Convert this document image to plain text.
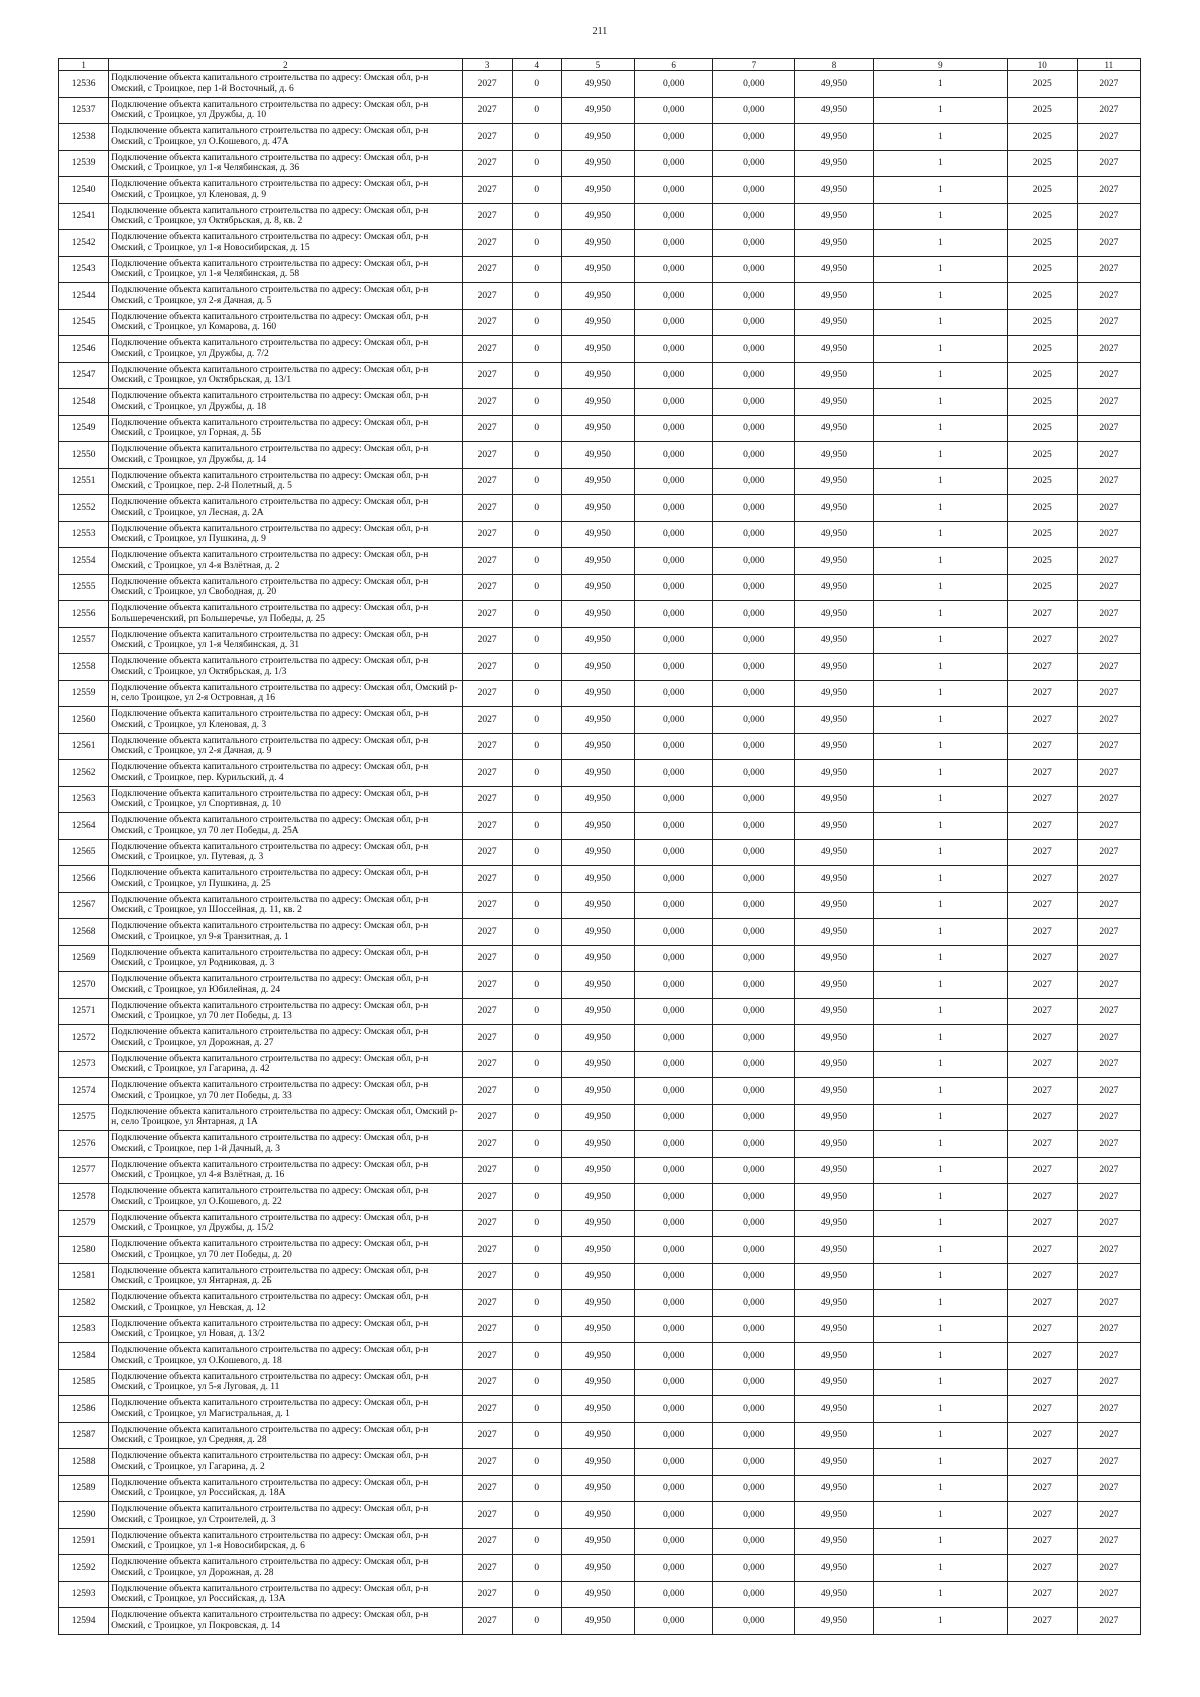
211
1	2	3	4	5	6	7	8	9	10	11
12536	Подключение объекта капитального строительства по адресу: Омская обл, р-н Омский, с Троицкое, пер 1-й Восточный, д. 6	2027	0	49,950	0,000	0,000	49,950	1	2025	2027
12537	Подключение объекта капитального строительства по адресу: Омская обл, р-н Омский, с Троицкое, ул Дружбы, д. 10	2027	0	49,950	0,000	0,000	49,950	1	2025	2027
12538	Подключение объекта капитального строительства по адресу: Омская обл, р-н Омский, с Троицкое, ул О.Кошевого, д. 47А	2027	0	49,950	0,000	0,000	49,950	1	2025	2027
12539	Подключение объекта капитального строительства по адресу: Омская обл, р-н Омский, с Троицкое, ул 1-я Челябинская, д. 36	2027	0	49,950	0,000	0,000	49,950	1	2025	2027
12540	Подключение объекта капитального строительства по адресу: Омская обл, р-н Омский, с Троицкое, ул Кленовая, д. 9	2027	0	49,950	0,000	0,000	49,950	1	2025	2027
12541	Подключение объекта капитального строительства по адресу: Омская обл, р-н Омский, с Троицкое, ул Октябрьская, д. 8, кв. 2	2027	0	49,950	0,000	0,000	49,950	1	2025	2027
12542	Подключение объекта капитального строительства по адресу: Омская обл, р-н Омский, с Троицкое, ул 1-я Новосибирская, д. 15	2027	0	49,950	0,000	0,000	49,950	1	2025	2027
12543	Подключение объекта капитального строительства по адресу: Омская обл, р-н Омский, с Троицкое, ул 1-я Челябинская, д. 58	2027	0	49,950	0,000	0,000	49,950	1	2025	2027
12544	Подключение объекта капитального строительства по адресу: Омская обл, р-н Омский, с Троицкое, ул 2-я Дачная, д. 5	2027	0	49,950	0,000	0,000	49,950	1	2025	2027
12545	Подключение объекта капитального строительства по адресу: Омская обл, р-н Омский, с Троицкое, ул Комарова, д. 160	2027	0	49,950	0,000	0,000	49,950	1	2025	2027
12546	Подключение объекта капитального строительства по адресу: Омская обл, р-н Омский, с Троицкое, ул Дружбы, д. 7/2	2027	0	49,950	0,000	0,000	49,950	1	2025	2027
12547	Подключение объекта капитального строительства по адресу: Омская обл, р-н Омский, с Троицкое, ул Октябрьская, д. 13/1	2027	0	49,950	0,000	0,000	49,950	1	2025	2027
12548	Подключение объекта капитального строительства по адресу: Омская обл, р-н Омский, с Троицкое, ул Дружбы, д. 18	2027	0	49,950	0,000	0,000	49,950	1	2025	2027
12549	Подключение объекта капитального строительства по адресу: Омская обл, р-н Омский, с Троицкое, ул Горная, д. 5Б	2027	0	49,950	0,000	0,000	49,950	1	2025	2027
12550	Подключение объекта капитального строительства по адресу: Омская обл, р-н Омский, с Троицкое, ул Дружбы, д. 14	2027	0	49,950	0,000	0,000	49,950	1	2025	2027
12551	Подключение объекта капитального строительства по адресу: Омская обл, р-н Омский, с Троицкое, пер. 2-й Полетный, д. 5	2027	0	49,950	0,000	0,000	49,950	1	2025	2027
12552	Подключение объекта капитального строительства по адресу: Омская обл, р-н Омский, с Троицкое, ул Лесная, д. 2А	2027	0	49,950	0,000	0,000	49,950	1	2025	2027
12553	Подключение объекта капитального строительства по адресу: Омская обл, р-н Омский, с Троицкое, ул Пушкина, д. 9	2027	0	49,950	0,000	0,000	49,950	1	2025	2027
12554	Подключение объекта капитального строительства по адресу: Омская обл, р-н Омский, с Троицкое, ул 4-я Взлётная, д. 2	2027	0	49,950	0,000	0,000	49,950	1	2025	2027
12555	Подключение объекта капитального строительства по адресу: Омская обл, р-н Омский, с Троицкое, ул Свободная, д. 20	2027	0	49,950	0,000	0,000	49,950	1	2025	2027
12556	Подключение объекта капитального строительства по адресу: Омская обл, р-н Большереченский, рп Большеречье, ул Победы, д. 25	2027	0	49,950	0,000	0,000	49,950	1	2027	2027
12557	Подключение объекта капитального строительства по адресу: Омская обл, р-н Омский, с Троицкое, ул 1-я Челябинская, д. 31	2027	0	49,950	0,000	0,000	49,950	1	2027	2027
12558	Подключение объекта капитального строительства по адресу: Омская обл, р-н Омский, с Троицкое, ул Октябрьская, д. 1/3	2027	0	49,950	0,000	0,000	49,950	1	2027	2027
12559	Подключение объекта капитального строительства по адресу: Омская обл, Омский р-н, село Троицкое, ул 2-я Островная, д 16	2027	0	49,950	0,000	0,000	49,950	1	2027	2027
12560	Подключение объекта капитального строительства по адресу: Омская обл, р-н Омский, с Троицкое, ул Кленовая, д. 3	2027	0	49,950	0,000	0,000	49,950	1	2027	2027
12561	Подключение объекта капитального строительства по адресу: Омская обл, р-н Омский, с Троицкое, ул 2-я Дачная, д. 9	2027	0	49,950	0,000	0,000	49,950	1	2027	2027
12562	Подключение объекта капитального строительства по адресу: Омская обл, р-н Омский, с Троицкое, пер. Курильский, д. 4	2027	0	49,950	0,000	0,000	49,950	1	2027	2027
12563	Подключение объекта капитального строительства по адресу: Омская обл, р-н Омский, с Троицкое, ул Спортивная, д. 10	2027	0	49,950	0,000	0,000	49,950	1	2027	2027
12564	Подключение объекта капитального строительства по адресу: Омская обл, р-н Омский, с Троицкое, ул 70 лет Победы, д. 25А	2027	0	49,950	0,000	0,000	49,950	1	2027	2027
12565	Подключение объекта капитального строительства по адресу: Омская обл, р-н Омский, с Троицкое, ул. Путевая, д. 3	2027	0	49,950	0,000	0,000	49,950	1	2027	2027
12566	Подключение объекта капитального строительства по адресу: Омская обл, р-н Омский, с Троицкое, ул Пушкина, д. 25	2027	0	49,950	0,000	0,000	49,950	1	2027	2027
12567	Подключение объекта капитального строительства по адресу: Омская обл, р-н Омский, с Троицкое, ул Шоссейная, д. 11, кв. 2	2027	0	49,950	0,000	0,000	49,950	1	2027	2027
12568	Подключение объекта капитального строительства по адресу: Омская обл, р-н Омский, с Троицкое, ул 9-я Транзитная, д. 1	2027	0	49,950	0,000	0,000	49,950	1	2027	2027
12569	Подключение объекта капитального строительства по адресу: Омская обл, р-н Омский, с Троицкое, ул Родниковая, д. 3	2027	0	49,950	0,000	0,000	49,950	1	2027	2027
12570	Подключение объекта капитального строительства по адресу: Омская обл, р-н Омский, с Троицкое, ул Юбилейная, д. 24	2027	0	49,950	0,000	0,000	49,950	1	2027	2027
12571	Подключение объекта капитального строительства по адресу: Омская обл, р-н Омский, с Троицкое, ул 70 лет Победы, д. 13	2027	0	49,950	0,000	0,000	49,950	1	2027	2027
12572	Подключение объекта капитального строительства по адресу: Омская обл, р-н Омский, с Троицкое, ул Дорожная, д. 27	2027	0	49,950	0,000	0,000	49,950	1	2027	2027
12573	Подключение объекта капитального строительства по адресу: Омская обл, р-н Омский, с Троицкое, ул Гагарина, д. 42	2027	0	49,950	0,000	0,000	49,950	1	2027	2027
12574	Подключение объекта капитального строительства по адресу: Омская обл, р-н Омский, с Троицкое, ул 70 лет Победы, д. 33	2027	0	49,950	0,000	0,000	49,950	1	2027	2027
12575	Подключение объекта капитального строительства по адресу: Омская обл, Омский р-н, село Троицкое, ул Янтарная, д 1А	2027	0	49,950	0,000	0,000	49,950	1	2027	2027
12576	Подключение объекта капитального строительства по адресу: Омская обл, р-н Омский, с Троицкое, пер 1-й Дачный, д. 3	2027	0	49,950	0,000	0,000	49,950	1	2027	2027
12577	Подключение объекта капитального строительства по адресу: Омская обл, р-н Омский, с Троицкое, ул 4-я Взлётная, д. 16	2027	0	49,950	0,000	0,000	49,950	1	2027	2027
12578	Подключение объекта капитального строительства по адресу: Омская обл, р-н Омский, с Троицкое, ул О.Кошевого, д. 22	2027	0	49,950	0,000	0,000	49,950	1	2027	2027
12579	Подключение объекта капитального строительства по адресу: Омская обл, р-н Омский, с Троицкое, ул Дружбы, д. 15/2	2027	0	49,950	0,000	0,000	49,950	1	2027	2027
12580	Подключение объекта капитального строительства по адресу: Омская обл, р-н Омский, с Троицкое, ул 70 лет Победы, д. 20	2027	0	49,950	0,000	0,000	49,950	1	2027	2027
12581	Подключение объекта капитального строительства по адресу: Омская обл, р-н Омский, с Троицкое, ул Янтарная, д. 2Б	2027	0	49,950	0,000	0,000	49,950	1	2027	2027
12582	Подключение объекта капитального строительства по адресу: Омская обл, р-н Омский, с Троицкое, ул Невская, д. 12	2027	0	49,950	0,000	0,000	49,950	1	2027	2027
12583	Подключение объекта капитального строительства по адресу: Омская обл, р-н Омский, с Троицкое, ул Новая, д. 13/2	2027	0	49,950	0,000	0,000	49,950	1	2027	2027
12584	Подключение объекта капитального строительства по адресу: Омская обл, р-н Омский, с Троицкое, ул О.Кошевого, д. 18	2027	0	49,950	0,000	0,000	49,950	1	2027	2027
12585	Подключение объекта капитального строительства по адресу: Омская обл, р-н Омский, с Троицкое, ул 5-я Луговая, д. 11	2027	0	49,950	0,000	0,000	49,950	1	2027	2027
12586	Подключение объекта капитального строительства по адресу: Омская обл, р-н Омский, с Троицкое, ул Магистральная, д. 1	2027	0	49,950	0,000	0,000	49,950	1	2027	2027
12587	Подключение объекта капитального строительства по адресу: Омская обл, р-н Омский, с Троицкое, ул Средняя, д. 28	2027	0	49,950	0,000	0,000	49,950	1	2027	2027
12588	Подключение объекта капитального строительства по адресу: Омская обл, р-н Омский, с Троицкое, ул Гагарина, д. 2	2027	0	49,950	0,000	0,000	49,950	1	2027	2027
12589	Подключение объекта капитального строительства по адресу: Омская обл, р-н Омский, с Троицкое, ул Российская, д. 18А	2027	0	49,950	0,000	0,000	49,950	1	2027	2027
12590	Подключение объекта капитального строительства по адресу: Омская обл, р-н Омский, с Троицкое, ул Строителей, д. 3	2027	0	49,950	0,000	0,000	49,950	1	2027	2027
12591	Подключение объекта капитального строительства по адресу: Омская обл, р-н Омский, с Троицкое, ул 1-я Новосибирская, д. 6	2027	0	49,950	0,000	0,000	49,950	1	2027	2027
12592	Подключение объекта капитального строительства по адресу: Омская обл, р-н Омский, с Троицкое, ул Дорожная, д. 28	2027	0	49,950	0,000	0,000	49,950	1	2027	2027
12593	Подключение объекта капитального строительства по адресу: Омская обл, р-н Омский, с Троицкое, ул Российская, д. 13А	2027	0	49,950	0,000	0,000	49,950	1	2027	2027
12594	Подключение объекта капитального строительства по адресу: Омская обл, р-н Омский, с Троицкое, ул Покровская, д. 14	2027	0	49,950	0,000	0,000	49,950	1	2027	2027
